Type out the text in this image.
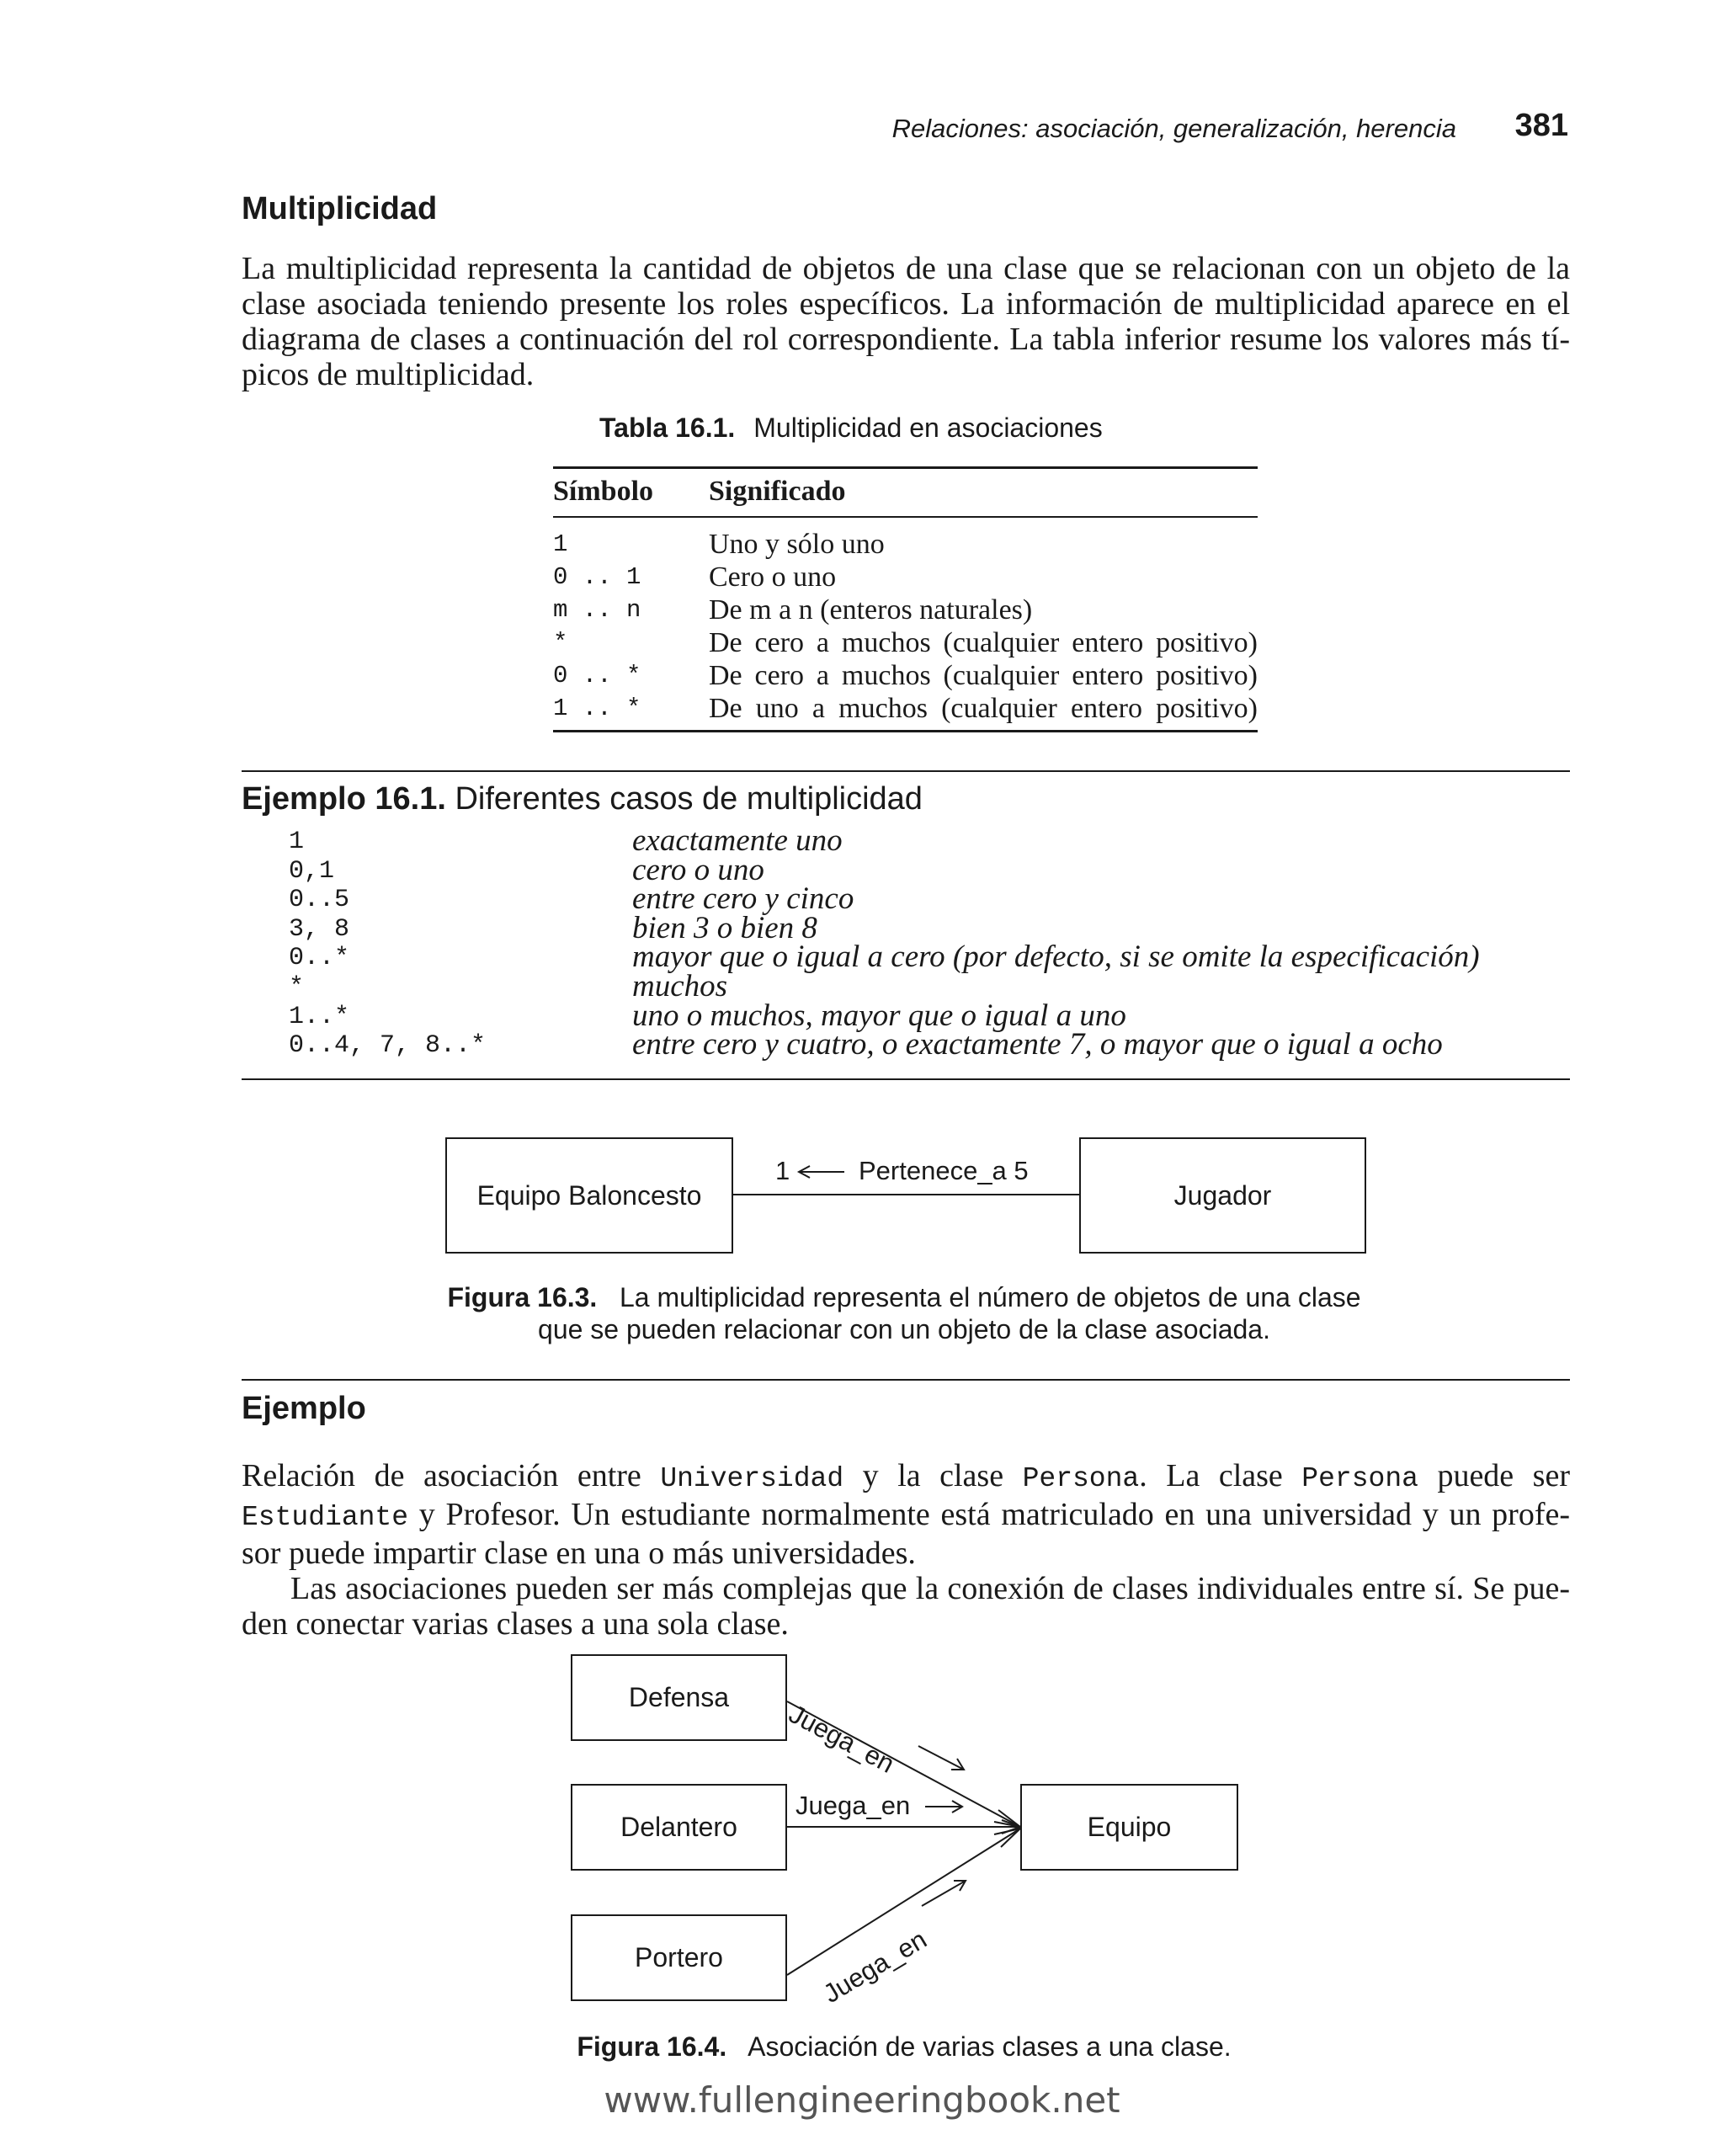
Relaciones: asociación, generalización, herencia 381
Multiplicidad
La multiplicidad representa la cantidad de objetos de una clase que se relacionan con un objeto de la
clase asociada teniendo presente los roles específicos. La información de multiplicidad aparece en el
diagrama de clases a continuación del rol correspondiente. La tabla inferior resume los valores más tí-
picos de multiplicidad.
Tabla 16.1. Multiplicidad en asociaciones
Símbolo	Significado
1	Uno y sólo uno
0 .. 1	Cero o uno
m .. n	De m a n (enteros naturales)
*	De cero a muchos (cualquier entero positivo)
0 .. *	De cero a muchos (cualquier entero positivo)
1 .. *	De uno a muchos (cualquier entero positivo)
Ejemplo 16.1. Diferentes casos de multiplicidad
1	exactamente uno
0,1	cero o uno
0..5	entre cero y cinco
3, 8	bien 3 o bien 8
0..*	mayor que o igual a cero (por defecto, si se omite la especificación)
*	muchos
1..*	uno o muchos, mayor que o igual a uno
0..4, 7, 8..*	entre cero y cuatro, o exactamente 7, o mayor que o igual a ocho
Equipo Baloncesto	Jugador
1	Pertenece_a 5
Figura 16.3. La multiplicidad representa el número de objetos de una clase
que se pueden relacionar con un objeto de la clase asociada.
Ejemplo
Relación de asociación entre Universidad y la clase Persona. La clase Persona puede ser
Estudiante y Profesor. Un estudiante normalmente está matriculado en una universidad y un profe-
sor puede impartir clase en una o más universidades.
Las asociaciones pueden ser más complejas que la conexión de clases individuales entre sí. Se pue-
den conectar varias clases a una sola clase.
Defensa
Delantero
Portero
Equipo
Juega_en
Juega_en
Juega_en
Figura 16.4. Asociación de varias clases a una clase.
www.fullengineeringbook.net
